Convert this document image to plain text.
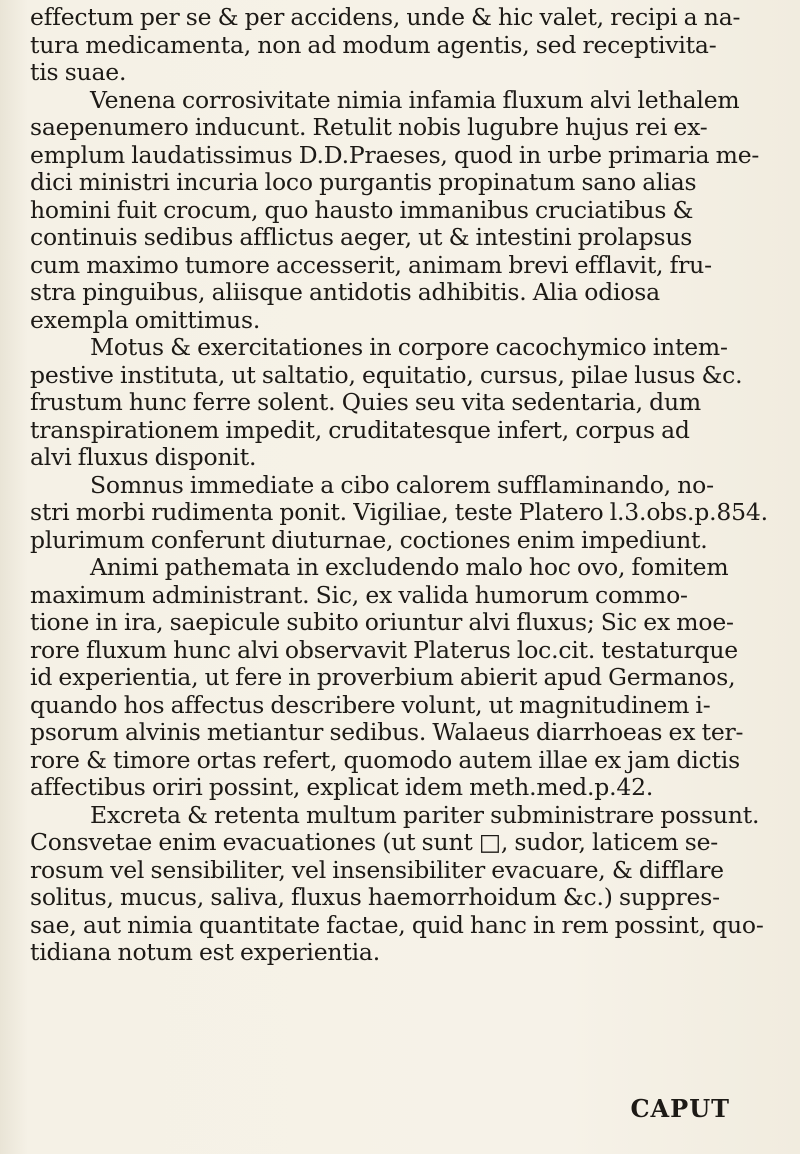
effectum per se & per accidens, unde & hic valet, recipi a na-
tura medicamenta, non ad modum agentis, sed receptivita-
tis suae.
Venena corrosivitate nimia infamia fluxum alvi lethalem
saepenumero inducunt. Retulit nobis lugubre hujus rei ex-
emplum laudatissimus D.D.Praeses, quod in urbe primaria me-
dici ministri incuria loco purgantis propinatum sano alias
homini fuit crocum, quo hausto immanibus cruciatibus &
continuis sedibus afflictus aeger, ut & intestini prolapsus
cum maximo tumore accesserit, animam brevi efflavit, fru-
stra pinguibus, aliisque antidotis adhibitis. Alia odiosa
exempla omittimus.
Motus & exercitationes in corpore cacochymico intem-
pestive instituta, ut saltatio, equitatio, cursus, pilae lusus &c.
frustum hunc ferre solent. Quies seu vita sedentaria, dum
transpirationem impedit, cruditatesque infert, corpus ad
alvi fluxus disponit.
Somnus immediate a cibo calorem sufflaminando, no-
stri morbi rudimenta ponit. Vigiliae, teste Platero l.3.obs.p.854.
plurimum conferunt diuturnae, coctiones enim impediunt.
Animi pathemata in excludendo malo hoc ovo, fomitem
maximum administrant. Sic, ex valida humorum commo-
tione in ira, saepicule subito oriuntur alvi fluxus; Sic ex moe-
rore fluxum hunc alvi observavit Platerus loc.cit. testaturque
id experientia, ut fere in proverbium abierit apud Germanos,
quando hos affectus describere volunt, ut magnitudinem i-
psorum alvinis metiantur sedibus. Walaeus diarrhoeas ex ter-
rore & timore ortas refert, quomodo autem illae ex jam dictis
affectibus oriri possint, explicat idem meth.med.p.42.
Excreta & retenta multum pariter subministrare possunt.
Consvetae enim evacuationes (ut sunt □, sudor, laticem se-
rosum vel sensibiliter, vel insensibiliter evacuare, & difflare
solitus, mucus, saliva, fluxus haemorrhoidum &c.) suppres-
sae, aut nimia quantitate factae, quid hanc in rem possint, quo-
tidiana notum est experientia.
CAPUT
